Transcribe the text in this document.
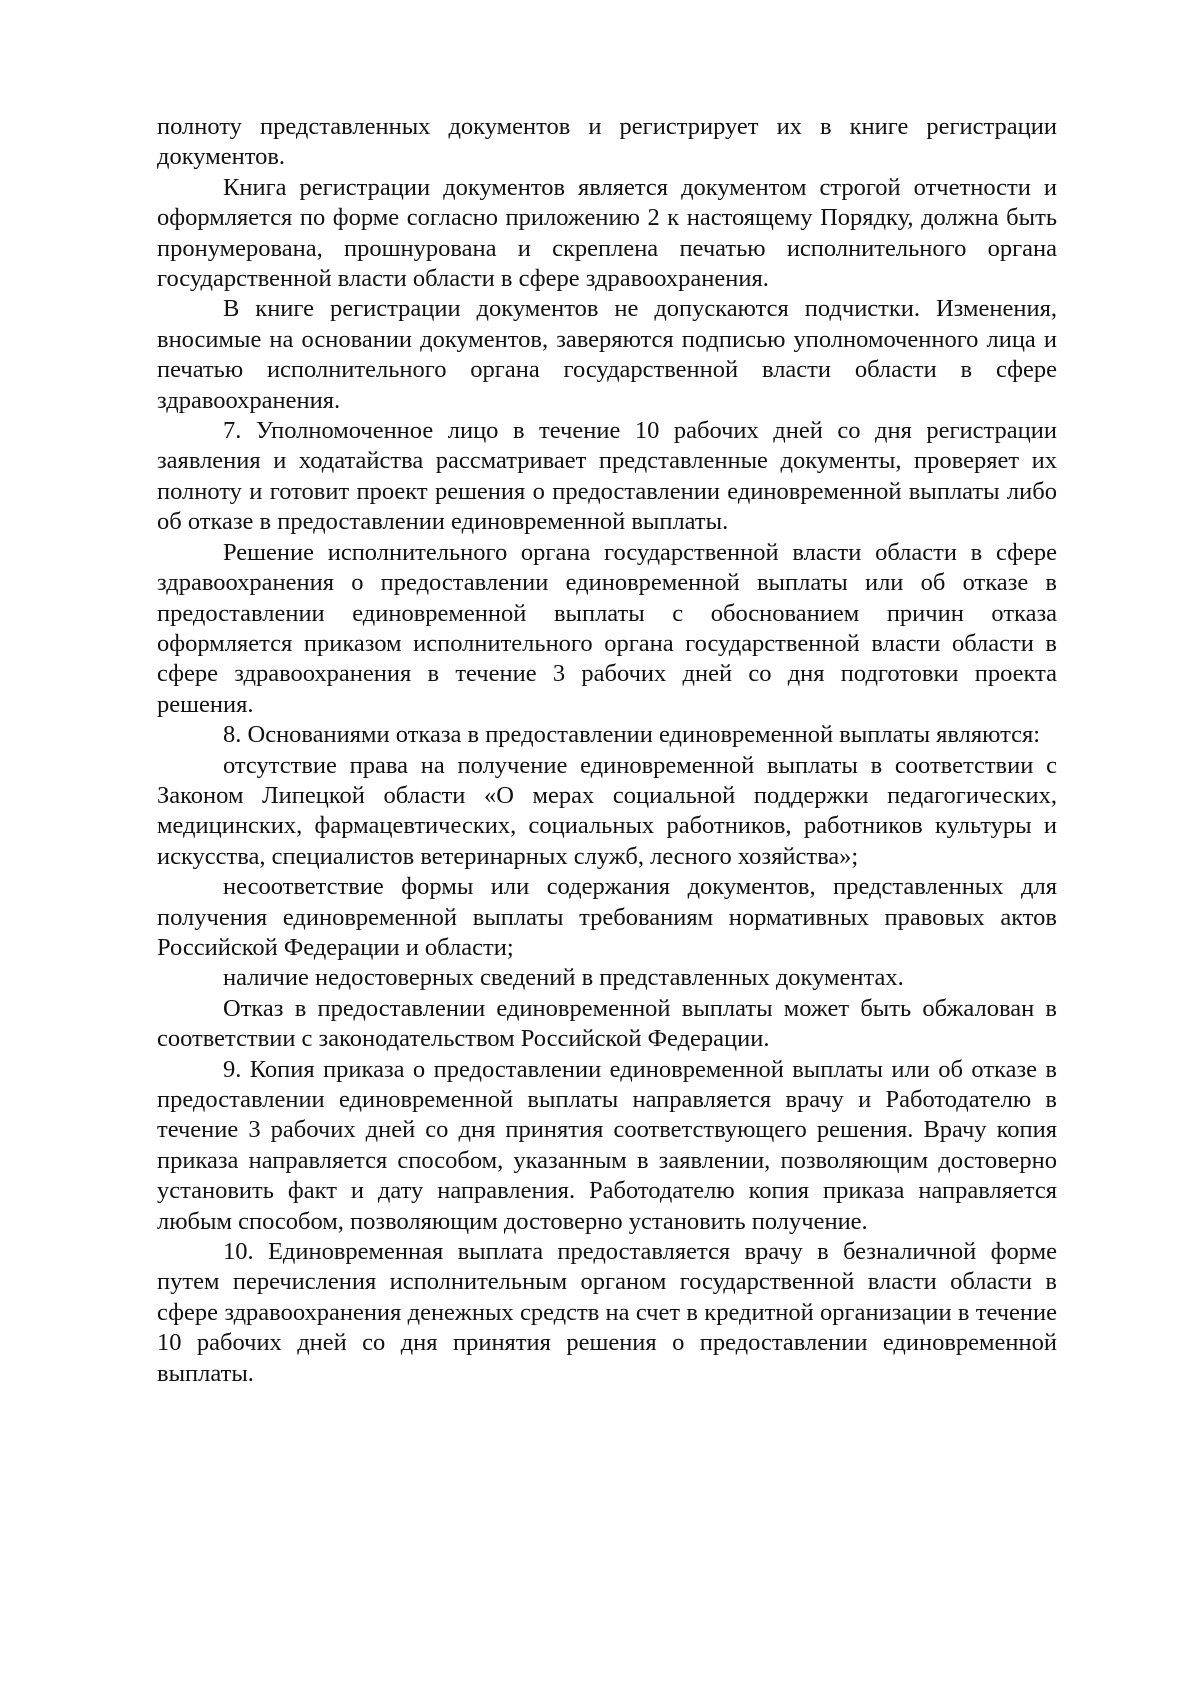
полноту представленных документов и регистрирует их в книге регистрации документов.

Книга регистрации документов является документом строгой отчетности и оформляется по форме согласно приложению 2 к настоящему Порядку, должна быть пронумерована, прошнурована и скреплена печатью исполнительного органа государственной власти области в сфере здравоохранения.

В книге регистрации документов не допускаются подчистки. Изменения, вносимые на основании документов, заверяются подписью уполномоченного лица и печатью исполнительного органа государственной власти области в сфере здравоохранения.

7. Уполномоченное лицо в течение 10 рабочих дней со дня регистрации заявления и ходатайства рассматривает представленные документы, проверяет их полноту и готовит проект решения о предоставлении единовременной выплаты либо об отказе в предоставлении единовременной выплаты.

Решение исполнительного органа государственной власти области в сфере здравоохранения о предоставлении единовременной выплаты или об отказе в предоставлении единовременной выплаты с обоснованием причин отказа оформляется приказом исполнительного органа государственной власти области в сфере здравоохранения в течение 3 рабочих дней со дня подготовки проекта решения.

8. Основаниями отказа в предоставлении единовременной выплаты являются:

отсутствие права на получение единовременной выплаты в соответствии с Законом Липецкой области «О мерах социальной поддержки педагогических, медицинских, фармацевтических, социальных работников, работников культуры и искусства, специалистов ветеринарных служб, лесного хозяйства»;

несоответствие формы или содержания документов, представленных для получения единовременной выплаты требованиям нормативных правовых актов Российской Федерации и области;

наличие недостоверных сведений в представленных документах.

Отказ в предоставлении единовременной выплаты может быть обжалован в соответствии с законодательством Российской Федерации.

9. Копия приказа о предоставлении единовременной выплаты или об отказе в предоставлении единовременной выплаты направляется врачу и Работодателю в течение 3 рабочих дней со дня принятия соответствующего решения. Врачу копия приказа направляется способом, указанным в заявлении, позволяющим достоверно установить факт и дату направления. Работодателю копия приказа направляется любым способом, позволяющим достоверно установить получение.

10. Единовременная выплата предоставляется врачу в безналичной форме путем перечисления исполнительным органом государственной власти области в сфере здравоохранения денежных средств на счет в кредитной организации в течение 10 рабочих дней со дня принятия решения о предоставлении единовременной выплаты.
